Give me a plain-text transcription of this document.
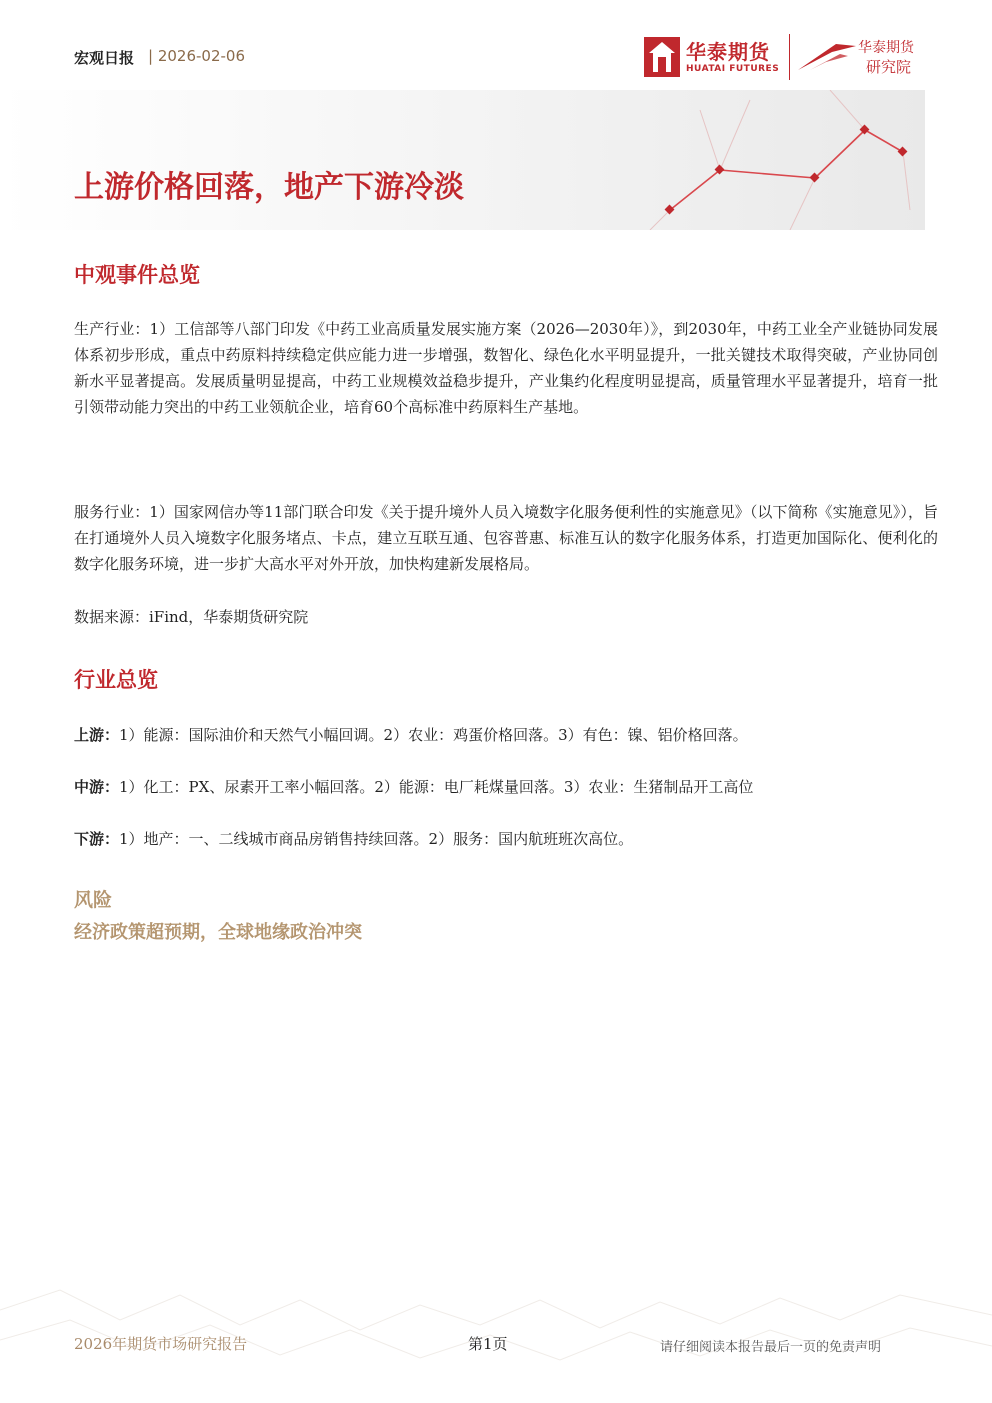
宏观日报 | 2026-02-06	华泰期货
HUATAI FUTURES
华泰期货
研究院
上游价格回落，地产下游冷淡
中观事件总览
生产行业：1）工信部等八部门印发《中药工业高质量发展实施方案（2026—2030年）》，到2030年，中药工业全产业链协同发展体系初步形成，重点中药原料持续稳定供应能力进一步增强，数智化、绿色化水平明显提升，一批关键技术取得突破，产业协同创新水平显著提高。发展质量明显提高，中药工业规模效益稳步提升，产业集约化程度明显提高，质量管理水平显著提升，培育一批引领带动能力突出的中药工业领航企业，培育60个高标准中药原料生产基地。
服务行业：1）国家网信办等11部门联合印发《关于提升境外人员入境数字化服务便利性的实施意见》（以下简称《实施意见》），旨在打通境外人员入境数字化服务堵点、卡点，建立互联互通、包容普惠、标准互认的数字化服务体系，打造更加国际化、便利化的数字化服务环境，进一步扩大高水平对外开放，加快构建新发展格局。
数据来源：iFind，华泰期货研究院
行业总览
上游：1）能源：国际油价和天然气小幅回调。2）农业：鸡蛋价格回落。3）有色：镍、铝价格回落。
中游：1）化工：PX、尿素开工率小幅回落。2）能源：电厂耗煤量回落。3）农业：生猪制品开工高位
下游：1）地产：一、二线城市商品房销售持续回落。2）服务：国内航班班次高位。
风险
经济政策超预期，全球地缘政治冲突
2026年期货市场研究报告	第1页	请仔细阅读本报告最后一页的免责声明
